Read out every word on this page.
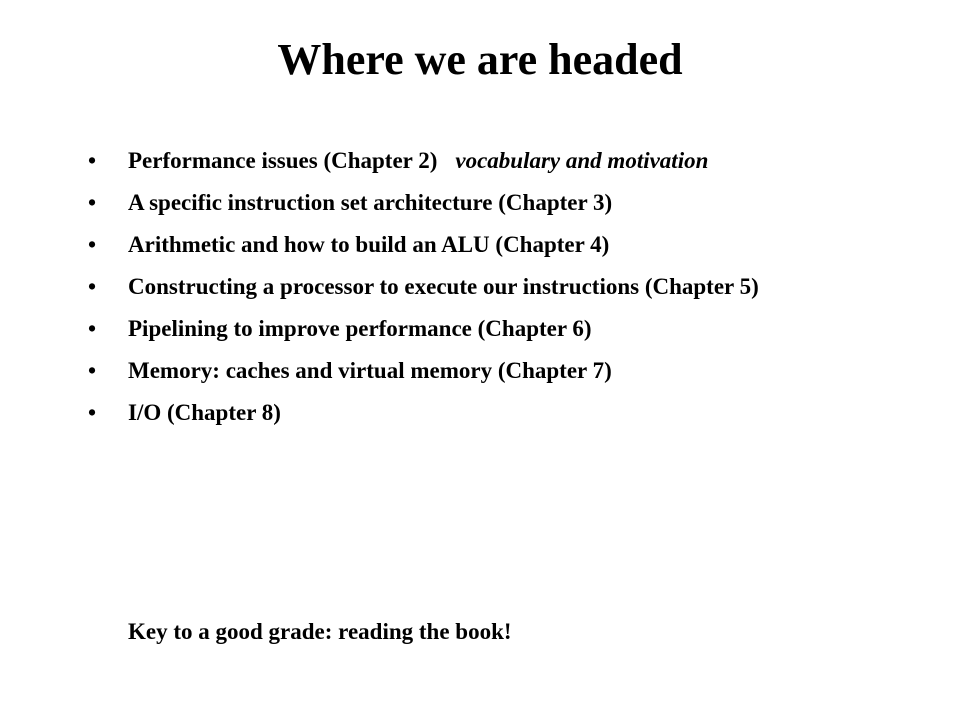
Where we are headed
• Performance issues (Chapter 2) vocabulary and motivation
• A specific instruction set architecture (Chapter 3)
• Arithmetic and how to build an ALU (Chapter 4)
• Constructing a processor to execute our instructions (Chapter 5)
• Pipelining to improve performance (Chapter 6)
• Memory: caches and virtual memory (Chapter 7)
• I/O (Chapter 8)

Key to a good grade: reading the book!
